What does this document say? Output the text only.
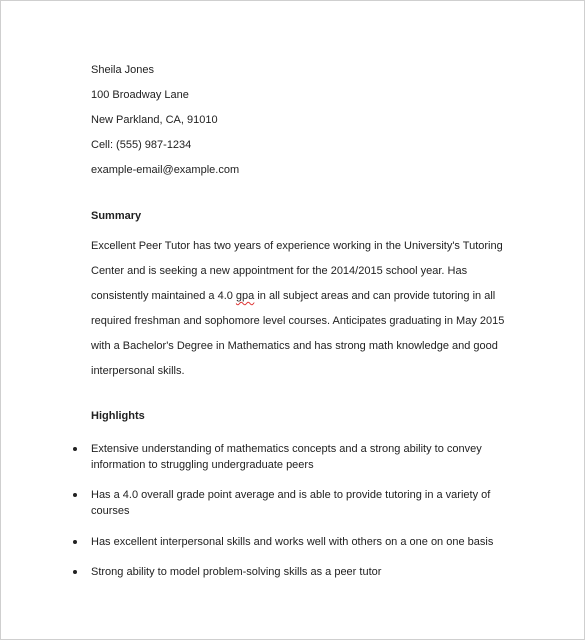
Sheila Jones
100 Broadway Lane
New Parkland, CA, 91010
Cell: (555) 987-1234
example-email@example.com
Summary
Excellent Peer Tutor has two years of experience working in the University's Tutoring
Center and is seeking a new appointment for the 2014/2015 school year. Has
consistently maintained a 4.0 gpa in all subject areas and can provide tutoring in all
required freshman and sophomore level courses. Anticipates graduating in May 2015
with a Bachelor's Degree in Mathematics and has strong math knowledge and good
interpersonal skills.
Highlights
Extensive understanding of mathematics concepts and a strong ability to convey
information to struggling undergraduate peers
Has a 4.0 overall grade point average and is able to provide tutoring in a variety of
courses
Has excellent interpersonal skills and works well with others on a one on one basis
Strong ability to model problem-solving skills as a peer tutor
